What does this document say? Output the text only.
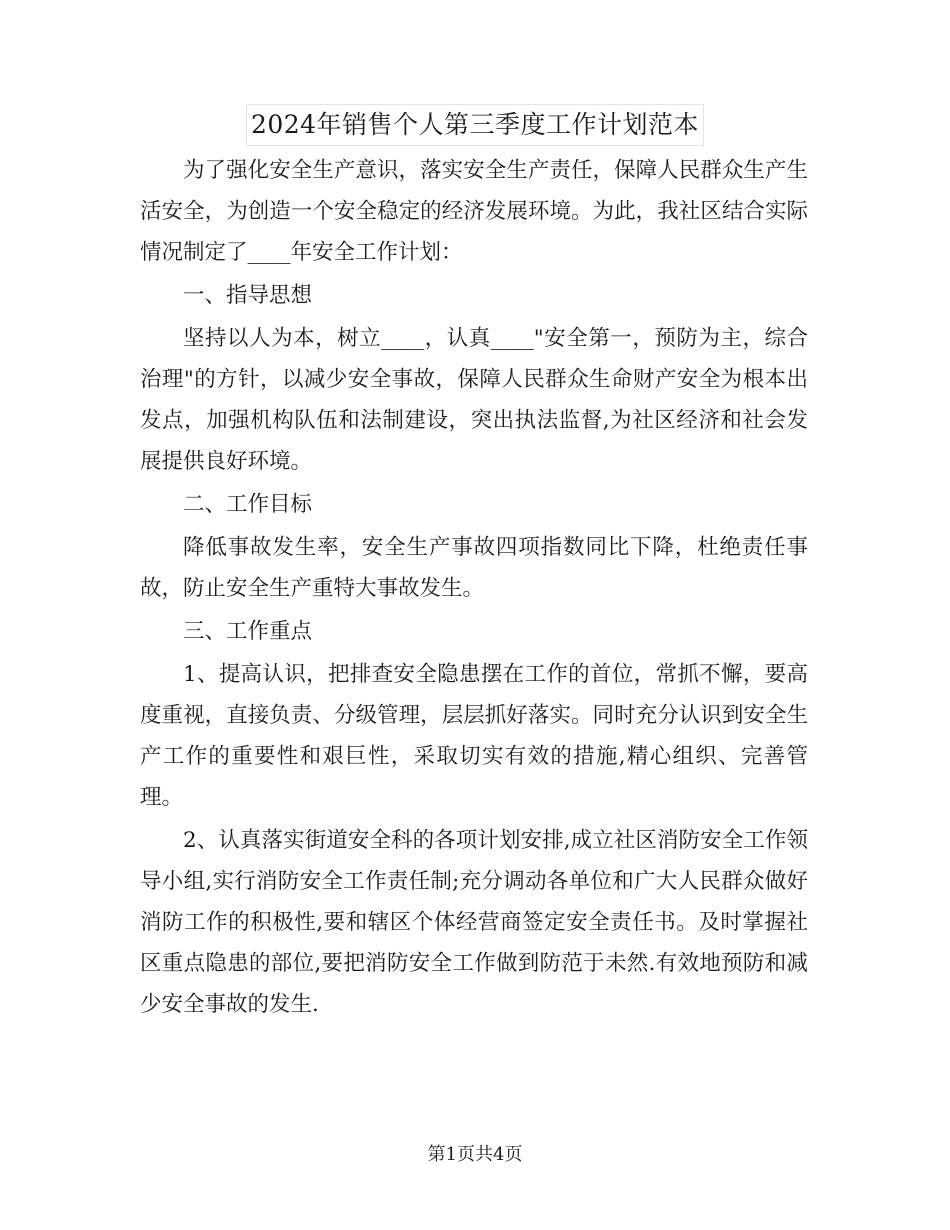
2024年销售个人第三季度工作计划范本

为了强化安全生产意识，落实安全生产责任，保障人民群众生产生活安全，为创造一个安全稳定的经济发展环境。为此，我社区结合实际情况制定了____年安全工作计划：

一、指导思想

坚持以人为本，树立____，认真____"安全第一，预防为主，综合治理"的方针，以减少安全事故，保障人民群众生命财产安全为根本出发点，加强机构队伍和法制建设，突出执法监督,为社区经济和社会发展提供良好环境。

二、工作目标

降低事故发生率，安全生产事故四项指数同比下降，杜绝责任事故，防止安全生产重特大事故发生。

三、工作重点

1、提高认识，把排查安全隐患摆在工作的首位，常抓不懈，要高度重视，直接负责、分级管理，层层抓好落实。同时充分认识到安全生产工作的重要性和艰巨性，采取切实有效的措施,精心组织、完善管理。

2、认真落实街道安全科的各项计划安排,成立社区消防安全工作领导小组,实行消防安全工作责任制;充分调动各单位和广大人民群众做好消防工作的积极性,要和辖区个体经营商签定安全责任书。及时掌握社区重点隐患的部位,要把消防安全工作做到防范于未然.有效地预防和减少安全事故的发生.

第1页共4页
